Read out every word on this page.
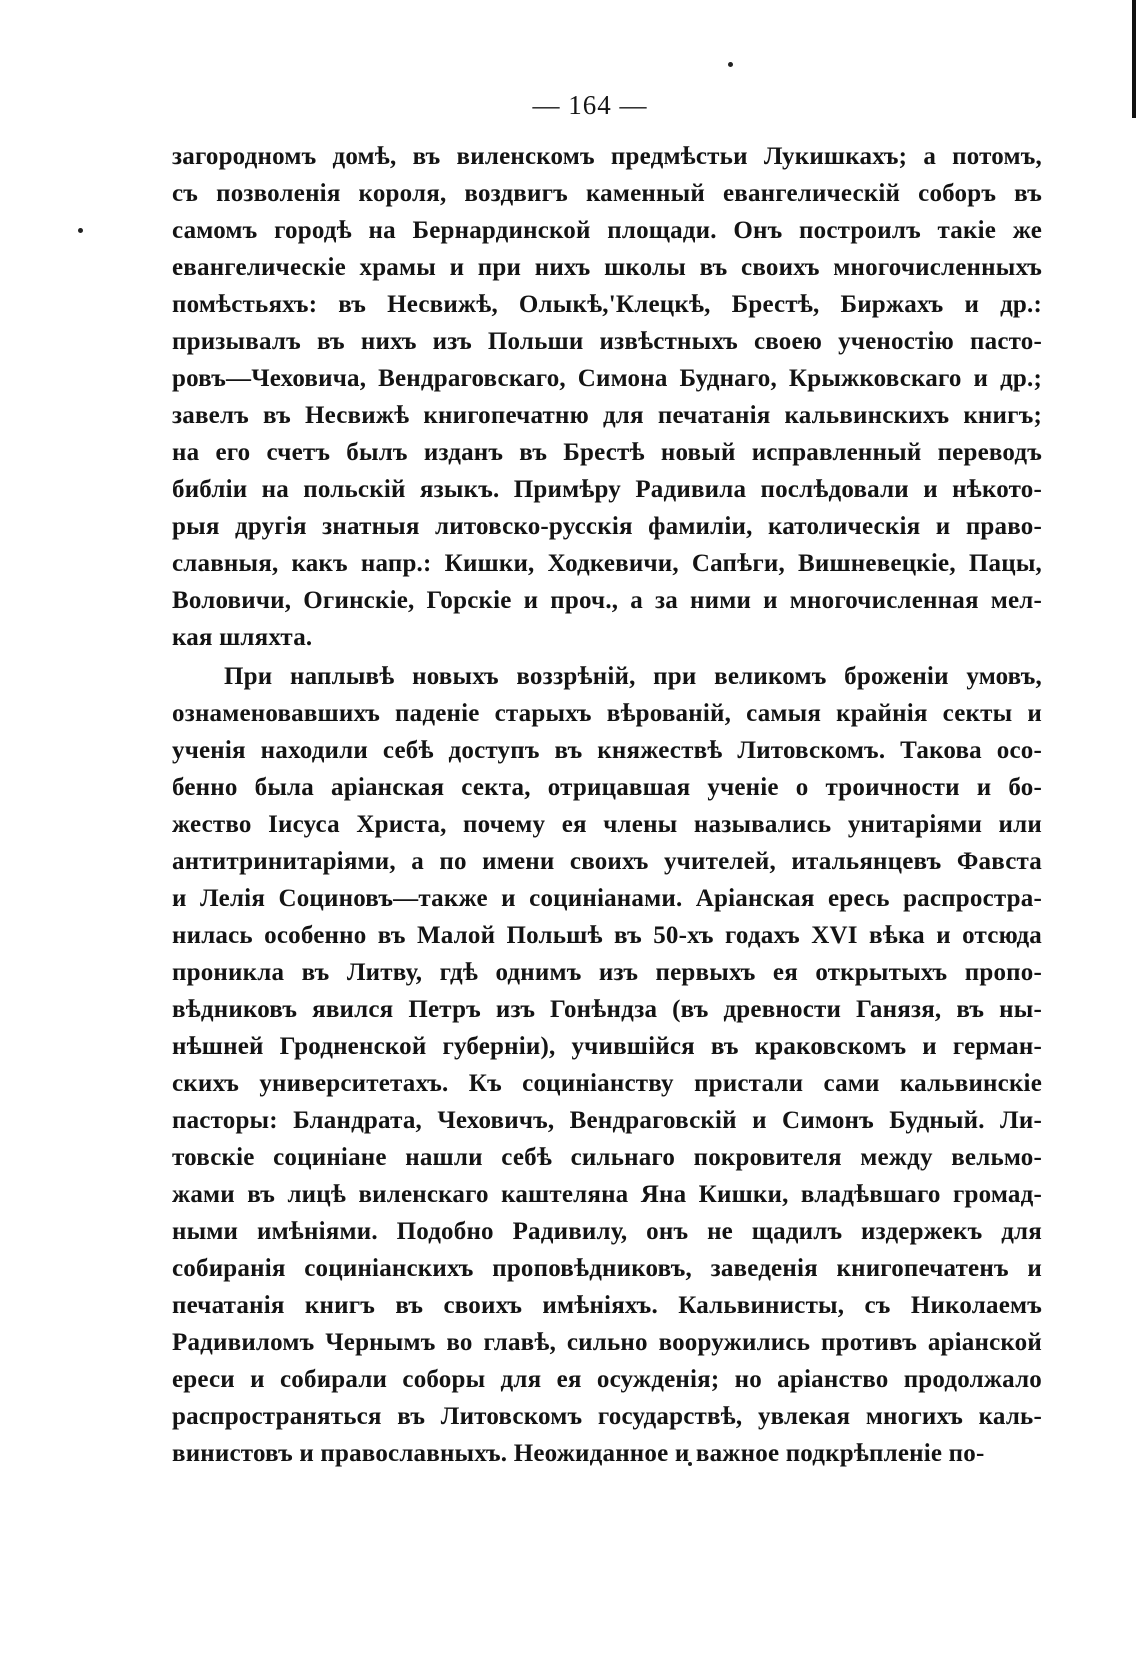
— 164 —
загородномъ домѣ, въ виленскомъ предмѣстьи Лукишкахъ; а потомъ,
съ позволенія короля, воздвигъ каменный евангелическій соборъ въ
самомъ городѣ на Бернардинской площади. Онъ построилъ такіе же
евангелическіе храмы и при нихъ школы въ своихъ многочисленныхъ
помѣстьяхъ: въ Несвижѣ, Олыкѣ,'Клецкѣ, Брестѣ, Биржахъ и др.:
призывалъ въ нихъ изъ Польши извѣстныхъ своею ученостію пасто-
ровъ—Чеховича, Вендраговскаго, Симона Буднаго, Крыжковскаго и др.;
завелъ въ Несвижѣ книгопечатню для печатанія кальвинскихъ книгъ;
на его счетъ былъ изданъ въ Брестѣ новый исправленный переводъ
библіи на польскій языкъ. Примѣру Радивила послѣдовали и нѣкото-
рыя другія знатныя литовско-русскія фамиліи, католическія и право-
славныя, какъ напр.: Кишки, Ходкевичи, Сапѣги, Вишневецкіе, Пацы,
Воловичи, Огинскіе, Горскіе и проч., а за ними и многочисленная мел-
кая шляхта.
При наплывѣ новыхъ воззрѣній, при великомъ броженіи умовъ,
ознаменовавшихъ паденіе старыхъ вѣрованій, самыя крайнія секты и
ученія находили себѣ доступъ въ княжествѣ Литовскомъ. Такова осо-
бенно была аріанская секта, отрицавшая ученіе о троичности и бо-
жество Іисуса Христа, почему ея члены назывались унитаріями или
антитринитаріями, а по имени своихъ учителей, итальянцевъ Фавста
и Лелія Социновъ—также и социніанами. Аріанская ересь распростра-
нилась особенно въ Малой Польшѣ въ 50-хъ годахъ XVI вѣка и отсюда
проникла въ Литву, гдѣ однимъ изъ первыхъ ея открытыхъ пропо-
вѣдниковъ явился Петръ изъ Гонѣндза (въ древности Ганязя, въ ны-
нѣшней Гродненской губерніи), учившійся въ краковскомъ и герман-
скихъ университетахъ. Къ социніанству пристали сами кальвинскіе
пасторы: Бландрата, Чеховичъ, Вендраговскій и Симонъ Будный. Ли-
товскіе социніане нашли себѣ сильнаго покровителя между вельмо-
жами въ лицѣ виленскаго каштеляна Яна Кишки, владѣвшаго громад-
ными имѣніями. Подобно Радивилу, онъ не щадилъ издержекъ для
собиранія социніанскихъ проповѣдниковъ, заведенія книгопечатенъ и
печатанія книгъ въ своихъ имѣніяхъ. Кальвинисты, съ Николаемъ
Радивиломъ Чернымъ во главѣ, сильно вооружились противъ аріанской
ереси и собирали соборы для ея осужденія; но аріанство продолжало
распространяться въ Литовскомъ государствѣ, увлекая многихъ каль-
винистовъ и православныхъ. Неожиданное и важное подкрѣпленіе по-
